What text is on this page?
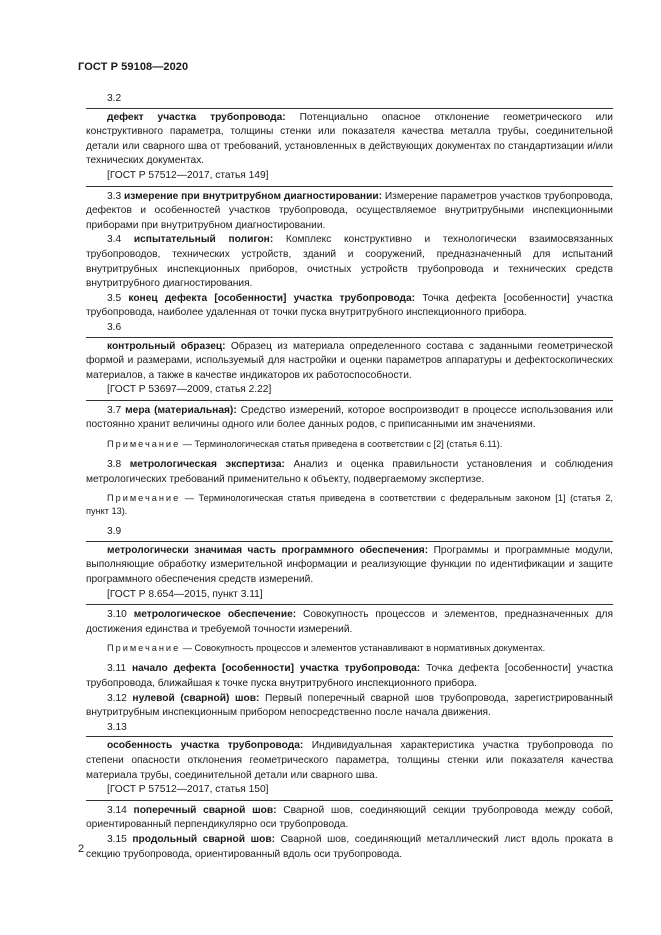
ГОСТ Р 59108—2020
3.2

дефект участка трубопровода: Потенциально опасное отклонение геометрического или конструктивного параметра, толщины стенки или показателя качества металла трубы, соединительной детали или сварного шва от требований, установленных в действующих документах по стандартизации и/или технических документах.

[ГОСТ Р 57512—2017, статья 149]

3.3 измерение при внутритрубном диагностировании: Измерение параметров участков трубопровода, дефектов и особенностей участков трубопровода, осуществляемое внутритрубными инспекционными приборами при внутритрубном диагностировании.

3.4 испытательный полигон: Комплекс конструктивно и технологически взаимосвязанных трубопроводов, технических устройств, зданий и сооружений, предназначенный для испытаний внутритрубных инспекционных приборов, очистных устройств трубопровода и технических средств внутритрубного диагностирования.

3.5 конец дефекта [особенности] участка трубопровода: Точка дефекта [особенности] участка трубопровода, наиболее удаленная от точки пуска внутритрубного инспекционного прибора.

3.6

контрольный образец: Образец из материала определенного состава с заданными геометрической формой и размерами, используемый для настройки и оценки параметров аппаратуры и дефектоскопических материалов, а также в качестве индикаторов их работоспособности.

[ГОСТ Р 53697—2009, статья 2.22]

3.7 мера (материальная): Средство измерений, которое воспроизводит в процессе использования или постоянно хранит величины одного или более данных родов, с приписанными им значениями.

Примечание — Терминологическая статья приведена в соответствии с [2] (статья 6.11).

3.8 метрологическая экспертиза: Анализ и оценка правильности установления и соблюдения метрологических требований применительно к объекту, подвергаемому экспертизе.

Примечание — Терминологическая статья приведена в соответствии с федеральным законом [1] (статья 2, пункт 13).

3.9

метрологически значимая часть программного обеспечения: Программы и программные модули, выполняющие обработку измерительной информации и реализующие функции по идентификации и защите программного обеспечения средств измерений.

[ГОСТ Р 8.654—2015, пункт 3.11]

3.10 метрологическое обеспечение: Совокупность процессов и элементов, предназначенных для достижения единства и требуемой точности измерений.

Примечание — Совокупность процессов и элементов устанавливают в нормативных документах.

3.11 начало дефекта [особенности] участка трубопровода: Точка дефекта [особенности] участка трубопровода, ближайшая к точке пуска внутритрубного инспекционного прибора.

3.12 нулевой (сварной) шов: Первый поперечный сварной шов трубопровода, зарегистрированный внутритрубным инспекционным прибором непосредственно после начала движения.

3.13

особенность участка трубопровода: Индивидуальная характеристика участка трубопровода по степени опасности отклонения геометрического параметра, толщины стенки или показателя качества материала трубы, соединительной детали или сварного шва.

[ГОСТ Р 57512—2017, статья 150]

3.14 поперечный сварной шов: Сварной шов, соединяющий секции трубопровода между собой, ориентированный перпендикулярно оси трубопровода.

3.15 продольный сварной шов: Сварной шов, соединяющий металлический лист вдоль проката в секцию трубопровода, ориентированный вдоль оси трубопровода.

2
